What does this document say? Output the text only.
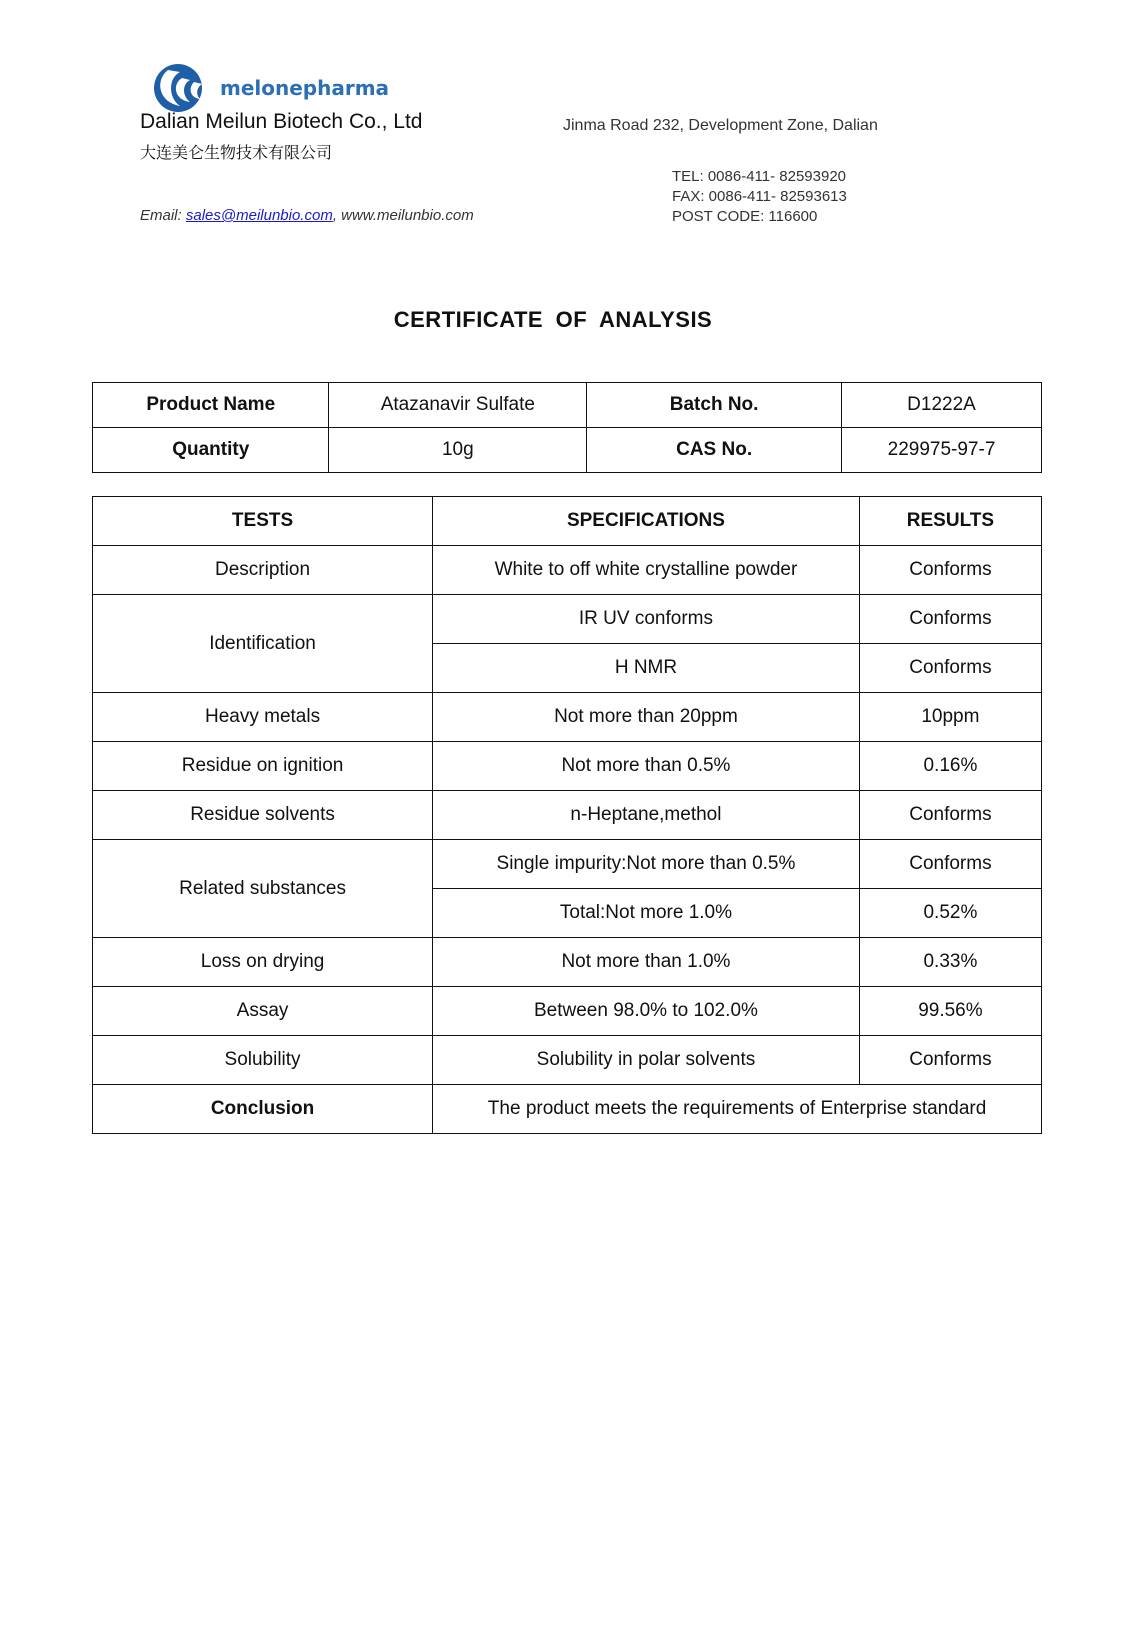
melonepharma
Dalian Meilun Biotech Co., Ltd
大连美仑生物技术有限公司
Jinma Road 232, Development Zone, Dalian
TEL: 0086-411- 82593920
FAX: 0086-411- 82593613
POST CODE: 116600
Email: sales@meilunbio.com, www.meilunbio.com
CERTIFICATE OF ANALYSIS
Product Name	Atazanavir Sulfate	Batch No.	D1222A
Quantity	10g	CAS No.	229975-97-7
TESTS	SPECIFICATIONS	RESULTS
Description	White to off white crystalline powder	Conforms
Identification	IR UV conforms	Conforms
	H NMR	Conforms
Heavy metals	Not more than 20ppm	10ppm
Residue on ignition	Not more than 0.5%	0.16%
Residue solvents	n-Heptane,methol	Conforms
Related substances	Single impurity:Not more than 0.5%	Conforms
	Total:Not more 1.0%	0.52%
Loss on drying	Not more than 1.0%	0.33%
Assay	Between 98.0% to 102.0%	99.56%
Solubility	Solubility in polar solvents	Conforms
Conclusion	The product meets the requirements of Enterprise standard	
